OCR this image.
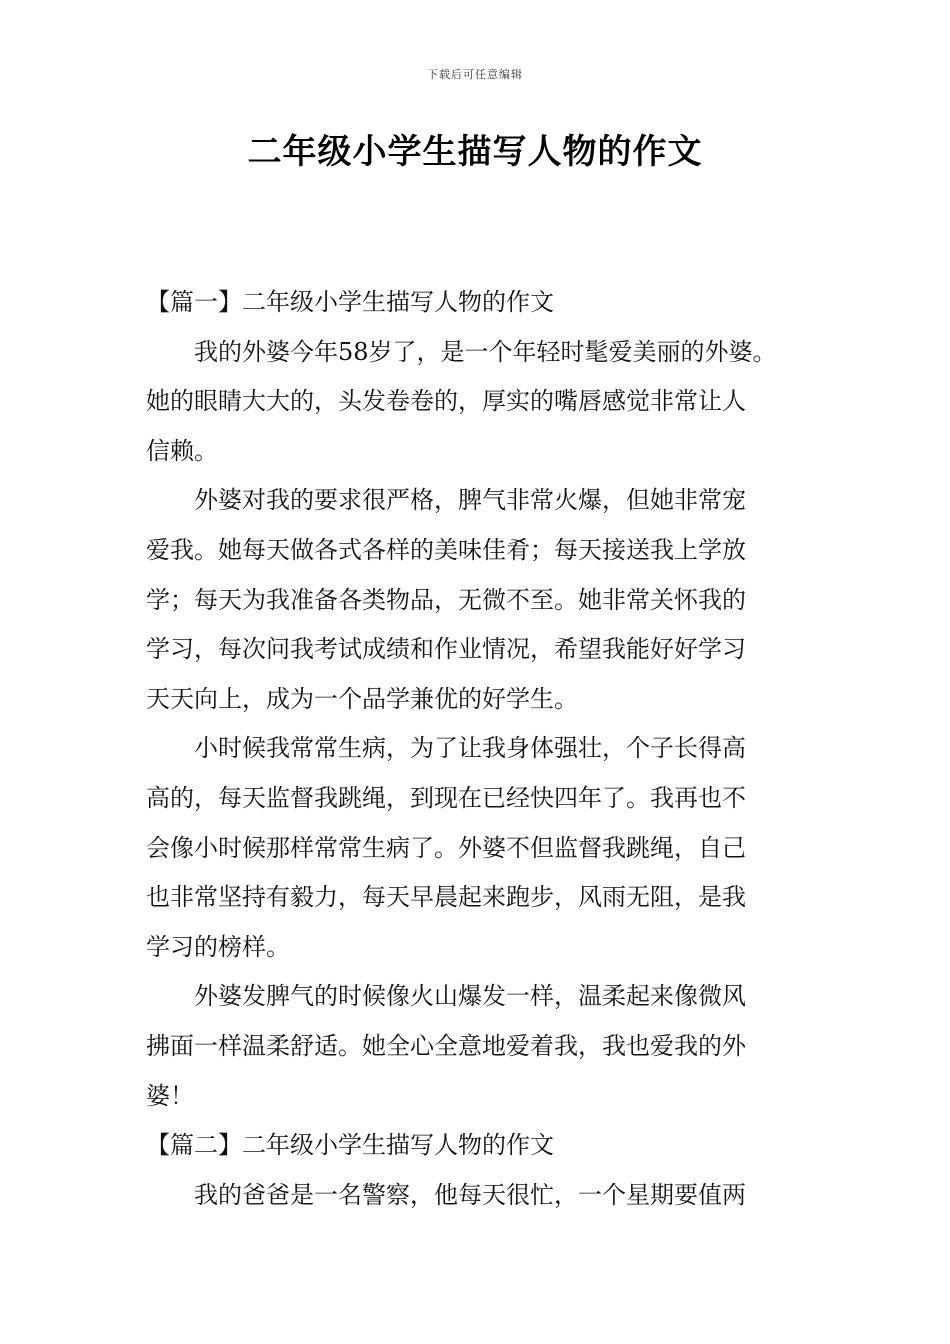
下载后可任意编辑
二年级小学生描写人物的作文
【篇一】二年级小学生描写人物的作文

我的外婆今年58岁了，是一个年轻时髦爱美丽的外婆。
她的眼睛大大的，头发卷卷的，厚实的嘴唇感觉非常让人
信赖。

外婆对我的要求很严格，脾气非常火爆，但她非常宠
爱我。她每天做各式各样的美味佳肴；每天接送我上学放
学；每天为我准备各类物品，无微不至。她非常关怀我的
学习，每次问我考试成绩和作业情况，希望我能好好学习
天天向上，成为一个品学兼优的好学生。

小时候我常常生病，为了让我身体强壮，个子长得高
高的，每天监督我跳绳，到现在已经快四年了。我再也不
会像小时候那样常常生病了。外婆不但监督我跳绳，自己
也非常坚持有毅力，每天早晨起来跑步，风雨无阻，是我
学习的榜样。

外婆发脾气的时候像火山爆发一样，温柔起来像微风
拂面一样温柔舒适。她全心全意地爱着我，我也爱我的外
婆！

【篇二】二年级小学生描写人物的作文

我的爸爸是一名警察，他每天很忙，一个星期要值两
